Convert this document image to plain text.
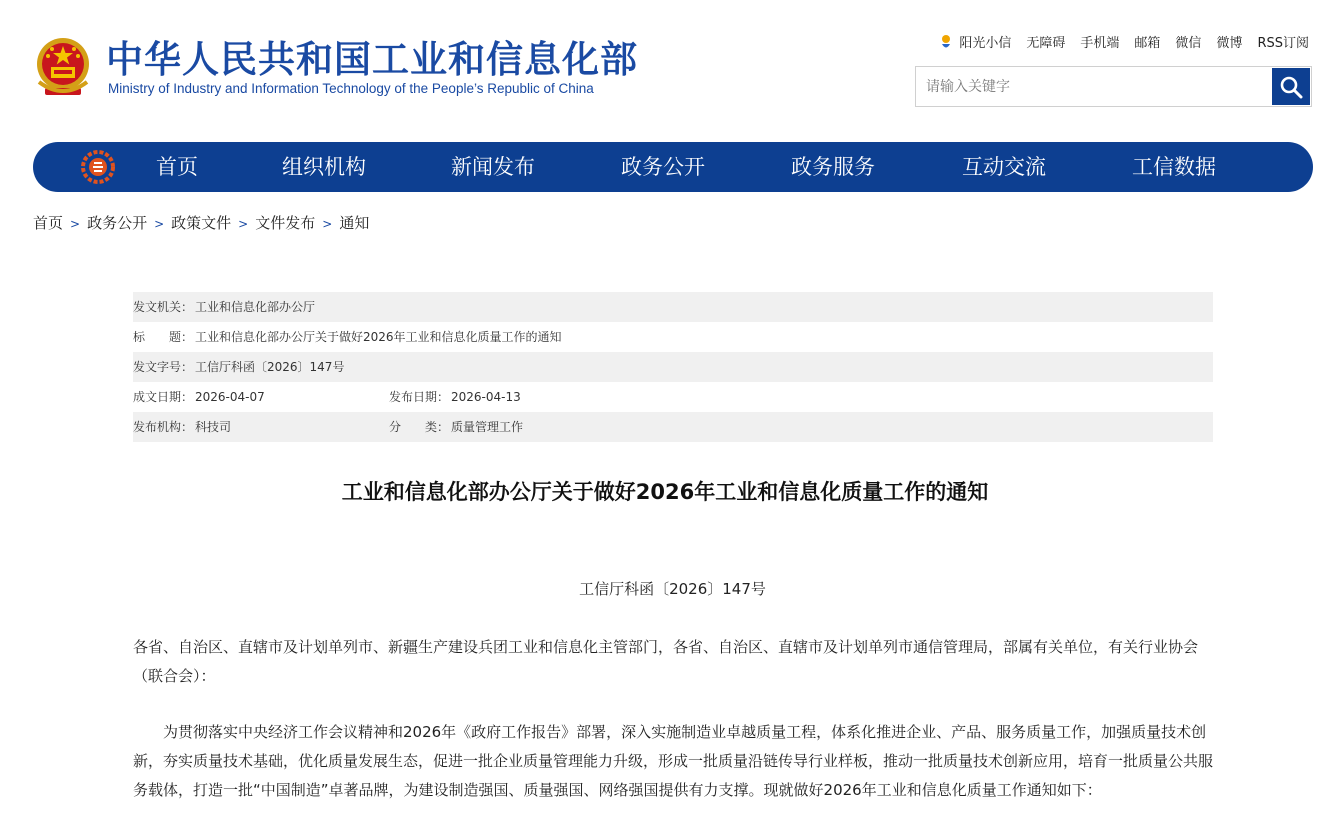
中华人民共和国工业和信息化部
Ministry of Industry and Information Technology of the People’s Republic of China
阳光小信 无障碍 手机端 邮箱 微信 微博 RSS订阅
请输入关键字
首页	组织机构	新闻发布	政务公开	政务服务	互动交流	工信数据
首页 > 政务公开 > 政策文件 > 文件发布 > 通知
发文机关： 工业和信息化部办公厅
标　　题： 工业和信息化部办公厅关于做好2026年工业和信息化质量工作的通知
发文字号： 工信厅科函〔2026〕147号
成文日期： 2026-04-07	发布日期： 2026-04-13
发布机构： 科技司	分　　类： 质量管理工作
工业和信息化部办公厅关于做好2026年工业和信息化质量工作的通知
工信厅科函〔2026〕147号
各省、自治区、直辖市及计划单列市、新疆生产建设兵团工业和信息化主管部门，各省、自治区、直辖市及计划单列市通信管理局，部属有关单位，有关行业协会（联合会）：
为贯彻落实中央经济工作会议精神和2026年《政府工作报告》部署，深入实施制造业卓越质量工程，体系化推进企业、产品、服务质量工作，加强质量技术创新，夯实质量技术基础，优化质量发展生态，促进一批企业质量管理能力升级，形成一批质量沿链传导行业样板，推动一批质量技术创新应用，培育一批质量公共服务载体，打造一批“中国制造”卓著品牌，为建设制造强国、质量强国、网络强国提供有力支撑。现就做好2026年工业和信息化质量工作通知如下：
